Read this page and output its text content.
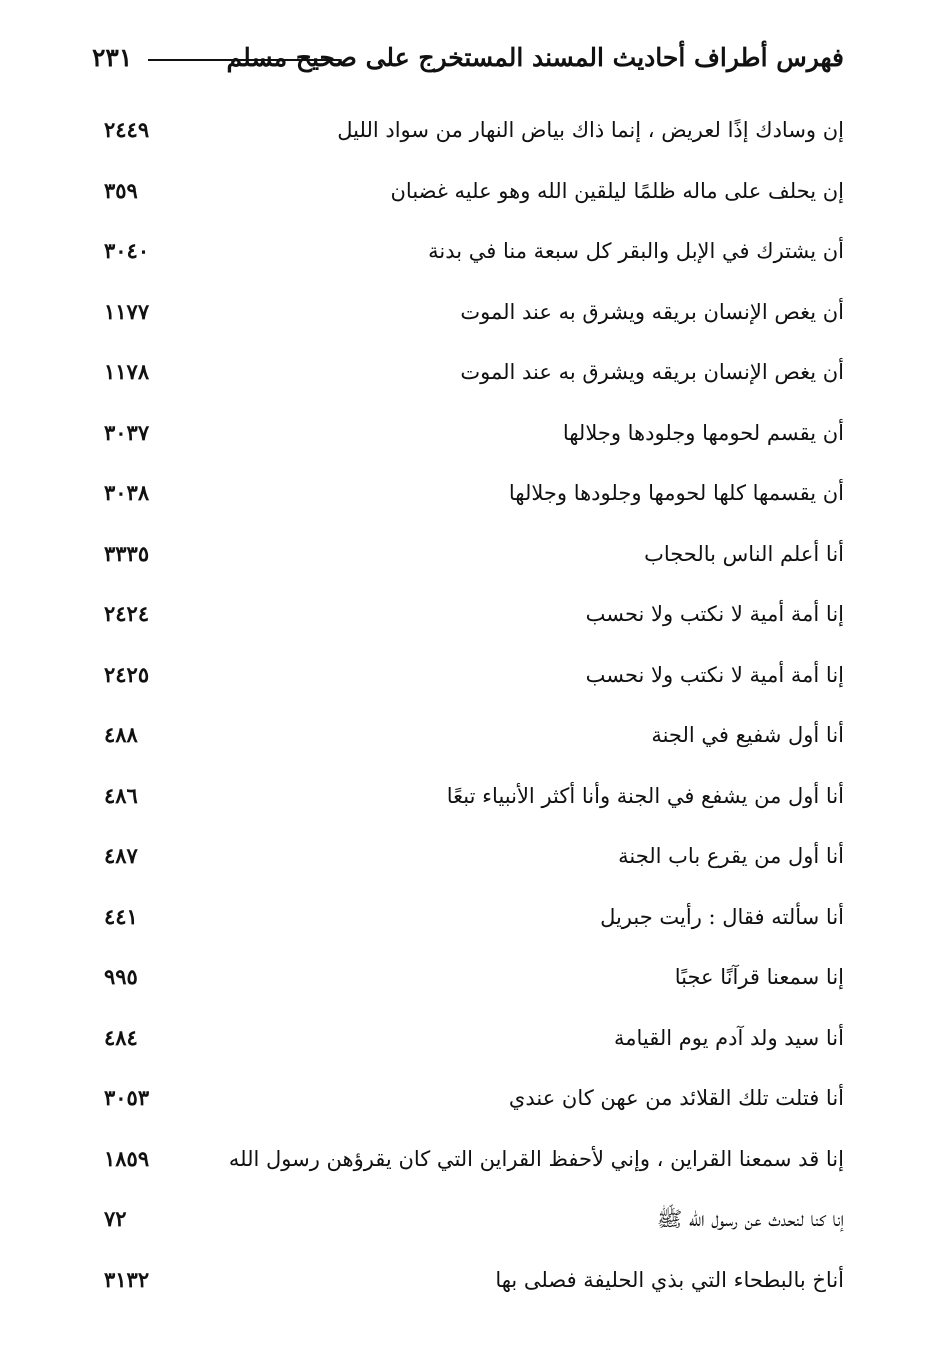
فهرس أطراف أحاديث المسند المستخرج على صحيح مسلم
٢٣١
إن وسادك إذًا لعريض ، إنما ذاك بياض النهار من سواد الليل
٢٤٤٩
إن يحلف على ماله ظلمًا ليلقين الله وهو عليه غضبان
٣٥٩
أن يشترك في الإبل والبقر كل سبعة منا في بدنة
٣٠٤٠
أن يغص الإنسان بريقه ويشرق به عند الموت
١١٧٧
أن يغص الإنسان بريقه ويشرق به عند الموت
١١٧٨
أن يقسم لحومها وجلودها وجلالها
٣٠٣٧
أن يقسمها كلها لحومها وجلودها وجلالها
٣٠٣٨
أنا أعلم الناس بالحجاب
٣٣٣٥
إنا أمة أمية لا نكتب ولا نحسب
٢٤٢٤
إنا أمة أمية لا نكتب ولا نحسب
٢٤٢٥
أنا أول شفيع في الجنة
٤٨٨
أنا أول من يشفع في الجنة وأنا أكثر الأنبياء تبعًا
٤٨٦
أنا أول من يقرع باب الجنة
٤٨٧
أنا سألته فقال : رأيت جبريل
٤٤١
إنا سمعنا قرآنًا عجبًا
٩٩٥
أنا سيد ولد آدم يوم القيامة
٤٨٤
أنا فتلت تلك القلائد من عهن كان عندي
٣٠٥٣
إنا قد سمعنا القراين ، وإني لأحفظ القراين التي كان يقرؤهن رسول الله
١٨٥٩
إنا كنا لنحدث عن رسول الله ﷺ
٧٢
أناخ بالبطحاء التي بذي الحليفة فصلى بها
٣١٣٢
